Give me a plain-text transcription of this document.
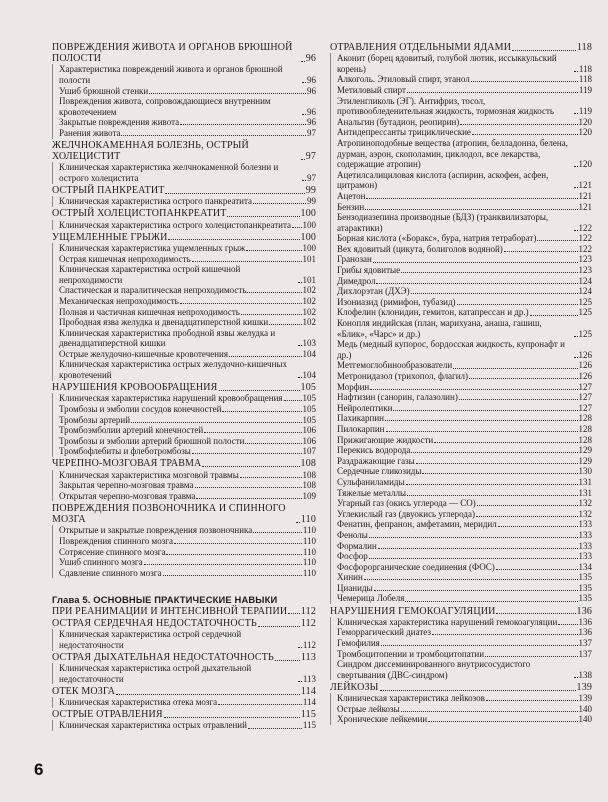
ПОВРЕЖДЕНИЯ ЖИВОТА И ОРГАНОВ БРЮШНОЙ ПОЛОСТИ	96
Характеристика повреждений живота и органов брюшной полости	96
Ушиб брюшной стенки	96
Повреждения живота, сопровождающиеся внутренним кровотечением	96
Закрытые повреждения живота	96
Ранения живота	97
ЖЕЛЧНОКАМЕННАЯ БОЛЕЗНЬ, ОСТРЫЙ ХОЛЕЦИСТИТ	97
Клиническая характеристика желчнокаменной болезни и острого холецистита	97
ОСТРЫЙ ПАНКРЕАТИТ	99
Клиническая характеристика острого панкреатита	99
ОСТРЫЙ ХОЛЕЦИСТОПАНКРЕАТИТ	100
Клиническая характеристика острого холецистопанкреатита 100
УЩЕМЛЕННЫЕ ГРЫЖИ	100
Клиническая характеристика ущемленных грыж	100
Острая кишечная непроходимость	101
Клиническая характеристика острой кишечной непроходимости	101
Спастическая и паралитическая непроходимость	102
Механическая непроходимость	102
Полная и частичная кишечная непроходимость	102
Прободная язва желудка и двенадцатиперстной кишки	102
Клиническая характеристика прободной язвы желудка и двенадцатиперстной кишки	103
Острые желудочно-кишечные кровотечения	104
Клиническая характеристика острых желудочно-кишечных кровотечений	104
НАРУШЕНИЯ КРОВООБРАЩЕНИЯ	105
Клиническая характеристика нарушений кровообращения 105
Тромбозы и эмболии сосудов конечностей	105
Тромбозы артерий	105
Тромбоэмболии артерий конечностей	106
Тромбозы и эмболии артерий брюшной полости	106
Тромбофлебиты и флеботромбозы	107
ЧЕРЕПНО-МОЗГОВАЯ ТРАВМА	108
Клиническая характеристика мозговой травмы	108
Закрытая черепно-мозговая травма	108
Открытая черепно-мозговая травма	109
ПОВРЕЖДЕНИЯ ПОЗВОНОЧНИКА И СПИННОГО МОЗГА	110
Открытые и закрытые повреждения позвоночника	110
Повреждения спинного мозга	110
Сотрясение спинного мозга	110
Ушиб спинного мозга	110
Сдавление спинного мозга	110
Глава 5. ОСНОВНЫЕ ПРАКТИЧЕСКИЕ НАВЫКИ
ПРИ РЕАНИМАЦИИ И ИНТЕНСИВНОЙ ТЕРАПИИ 112
ОСТРАЯ СЕРДЕЧНАЯ НЕДОСТАТОЧНОСТЬ	112
Клиническая характеристика острой сердечной недостаточности	112
ОСТРАЯ ДЫХАТЕЛЬНАЯ НЕДОСТАТОЧНОСТЬ	113
Клиническая характеристика острой дыхательной недостаточности	113
ОТЕК МОЗГА	114
Клиническая характеристика отека мозга	114
ОСТРЫЕ ОТРАВЛЕНИЯ	115
Клиническая характеристика острых отравлений	115
ОТРАВЛЕНИЯ ОТДЕЛЬНЫМИ ЯДАМИ	118
Аконит (борец ядовитый, голубой лютик, иссыккульский корень)	118
Алкоголь. Этиловый спирт, этанол	118
Метиловый спирт	119
Этиленгликоль (ЭГ). Антифриз, тосол, противообледенительная жидкость, тормозная жидкость	119
Анальгин (бутадион, реопирин)	120
Антидепрессанты трициклические	120
Атропиноподобные вещества (атропин, белладонна, белена, дурман, аэрон, скополамин, циклодол, все лекарства, содержащие атропин)	120
Ацетилсалициловая кислота (аспирин, аскофен, асфен, цитрамон)	121
Ацетон	121
Бензин	121
Бензодиазепина производные (БДЗ) (транквилизаторы, атарактики)	122
Борная кислота («Боракс», бура, натрия тетраборат)	122
Вех ядовитый (цикута, болиголов водяной)	122
Гранозан	123
Грибы ядовитые	123
Димедрол	124
Дихлорэтан (ДХЭ)	124
Изониазид (римифон, тубазид)	125
Клофелин (клонидин, гемитон, катапрессан и др.)	125
Конопля индийская (план, марихуана, анаша, гашиш, «Блик», «Чарс» и др.)	125
Медь (медный купорос, бордосская жидкость, купронафт и др.)	126
Метгемоглобинообразователи	126
Метронидазол (трихопол, флагил)	126
Морфин	127
Нафтизин (санорин, галазолин)	127
Нейролептики	127
Пахикарпин	128
Пилокарпин	128
Прижигающие жидкости	128
Перекись водорода	129
Раздражающие газы	129
Сердечные гликозиды	130
Сульфаниламиды	131
Тяжелые металлы	131
Угарный газ (окись углерода — CO)	132
Углекислый газ (двуокись углерода)	132
Фенатин, фепранон, амфетамин, меридил	133
Фенолы	133
Формалин	133
Фосфор	133
Фосфорорганические соединения (ФОС)	134
Хинин	135
Цианиды	135
Чемерица Лобеля	135
НАРУШЕНИЯ ГЕМОКОАГУЛЯЦИИ	136
Клиническая характеристика нарушений гемокоагуляции 136
Геморрагический диатез	136
Гемофилия	137
Тромбоцитопении и тромбоцитопатии	137
Синдром диссеминированного внутрисосудистого свертывания (ДВС-синдром)	138
ЛЕЙКОЗЫ	139
Клиническая характеристика лейкозов	139
Острые лейкозы	140
Хронические лейкемии	140
6
